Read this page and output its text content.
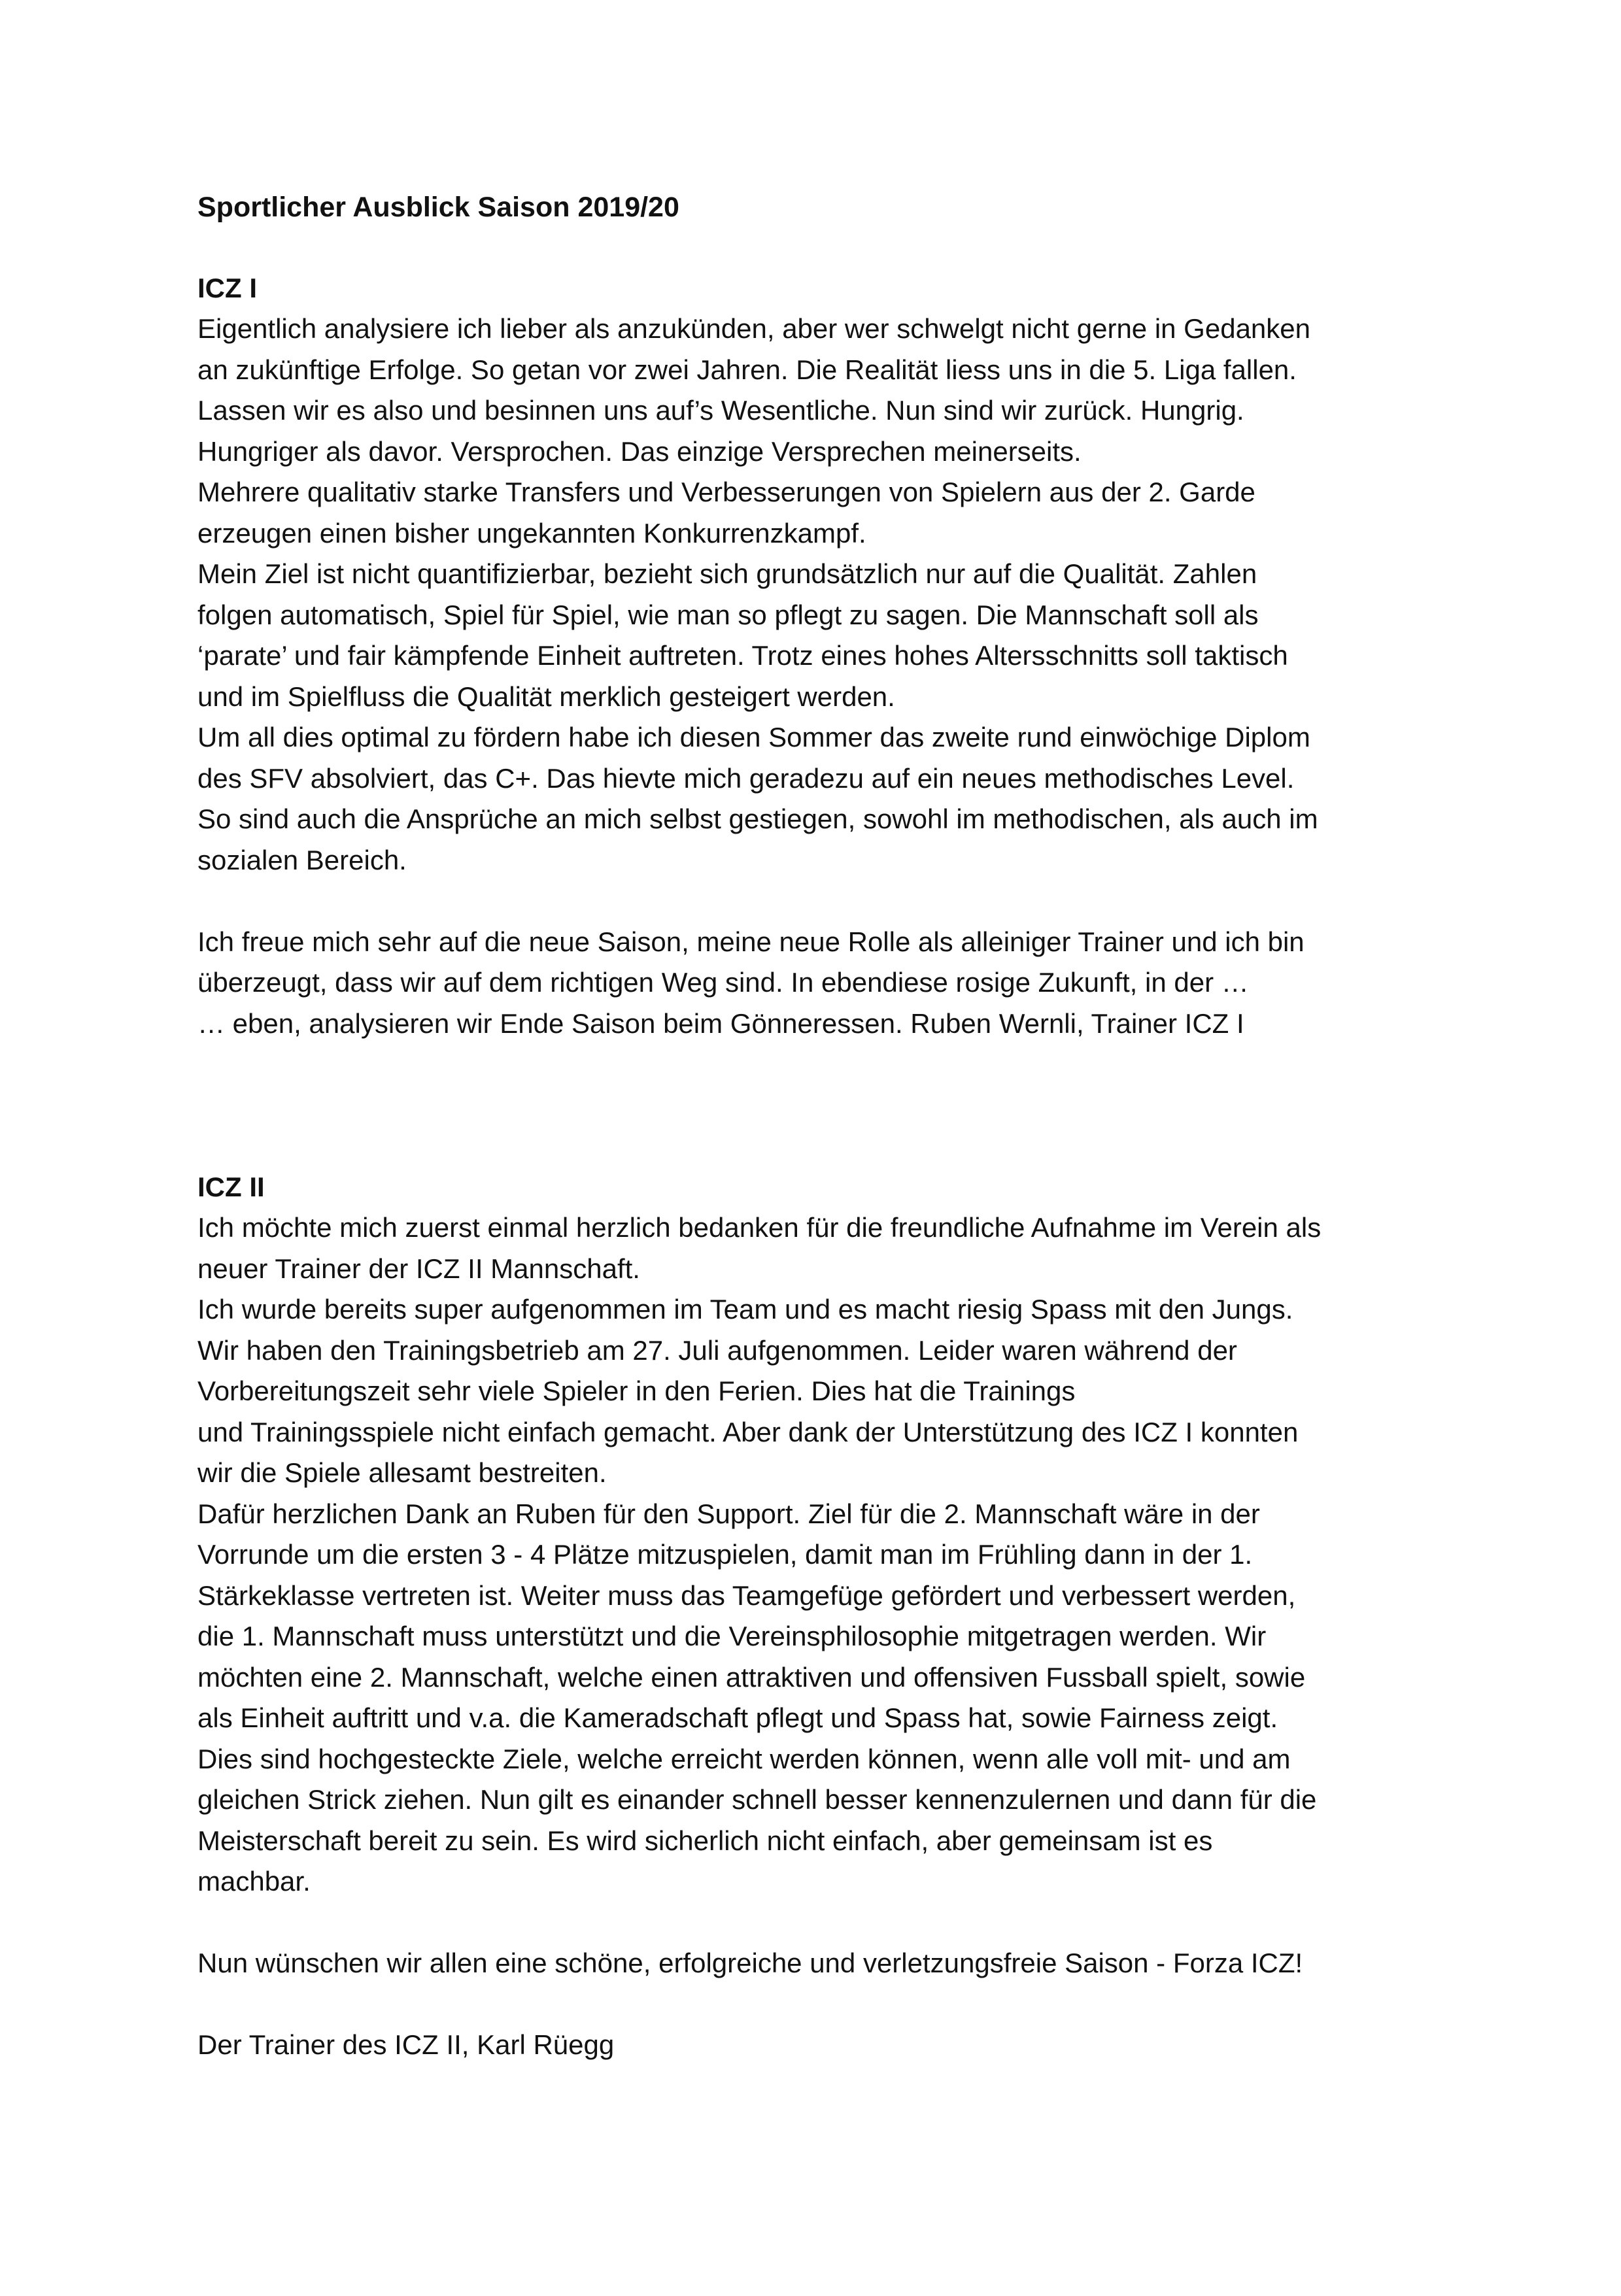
Sportlicher Ausblick Saison 2019/20
ICZ I
Eigentlich analysiere ich lieber als anzukünden, aber wer schwelgt nicht gerne in Gedanken
an zukünftige Erfolge. So getan vor zwei Jahren. Die Realität liess uns in die 5. Liga fallen.
Lassen wir es also und besinnen uns auf’s Wesentliche. Nun sind wir zurück. Hungrig.
Hungriger als davor. Versprochen. Das einzige Versprechen meinerseits.
Mehrere qualitativ starke Transfers und Verbesserungen von Spielern aus der 2. Garde
erzeugen einen bisher ungekannten Konkurrenzkampf.
Mein Ziel ist nicht quantifizierbar, bezieht sich grundsätzlich nur auf die Qualität. Zahlen
folgen automatisch, Spiel für Spiel, wie man so pflegt zu sagen. Die Mannschaft soll als
‘parate’ und fair kämpfende Einheit auftreten. Trotz eines hohes Altersschnitts soll taktisch
und im Spielfluss die Qualität merklich gesteigert werden.
Um all dies optimal zu fördern habe ich diesen Sommer das zweite rund einwöchige Diplom
des SFV absolviert, das C+. Das hievte mich geradezu auf ein neues methodisches Level.
So sind auch die Ansprüche an mich selbst gestiegen, sowohl im methodischen, als auch im
sozialen Bereich.
Ich freue mich sehr auf die neue Saison, meine neue Rolle als alleiniger Trainer und ich bin
überzeugt, dass wir auf dem richtigen Weg sind. In ebendiese rosige Zukunft, in der …
… eben, analysieren wir Ende Saison beim Gönneressen. Ruben Wernli, Trainer ICZ I
ICZ II
Ich möchte mich zuerst einmal herzlich bedanken für die freundliche Aufnahme im Verein als
neuer Trainer der ICZ II Mannschaft.
Ich wurde bereits super aufgenommen im Team und es macht riesig Spass mit den Jungs.
Wir haben den Trainingsbetrieb am 27. Juli aufgenommen. Leider waren während der
Vorbereitungszeit sehr viele Spieler in den Ferien. Dies hat die Trainings
und Trainingsspiele nicht einfach gemacht. Aber dank der Unterstützung des ICZ I konnten
wir die Spiele allesamt bestreiten.
Dafür herzlichen Dank an Ruben für den Support. Ziel für die 2. Mannschaft wäre in der
Vorrunde um die ersten 3 - 4 Plätze mitzuspielen, damit man im Frühling dann in der 1.
Stärkeklasse vertreten ist. Weiter muss das Teamgefüge gefördert und verbessert werden,
die 1. Mannschaft muss unterstützt und die Vereinsphilosophie mitgetragen werden. Wir
möchten eine 2. Mannschaft, welche einen attraktiven und offensiven Fussball spielt, sowie
als Einheit auftritt und v.a. die Kameradschaft pflegt und Spass hat, sowie Fairness zeigt.
Dies sind hochgesteckte Ziele, welche erreicht werden können, wenn alle voll mit- und am
gleichen Strick ziehen. Nun gilt es einander schnell besser kennenzulernen und dann für die
Meisterschaft bereit zu sein. Es wird sicherlich nicht einfach, aber gemeinsam ist es
machbar.
Nun wünschen wir allen eine schöne, erfolgreiche und verletzungsfreie Saison - Forza ICZ!
Der Trainer des ICZ II, Karl Rüegg
